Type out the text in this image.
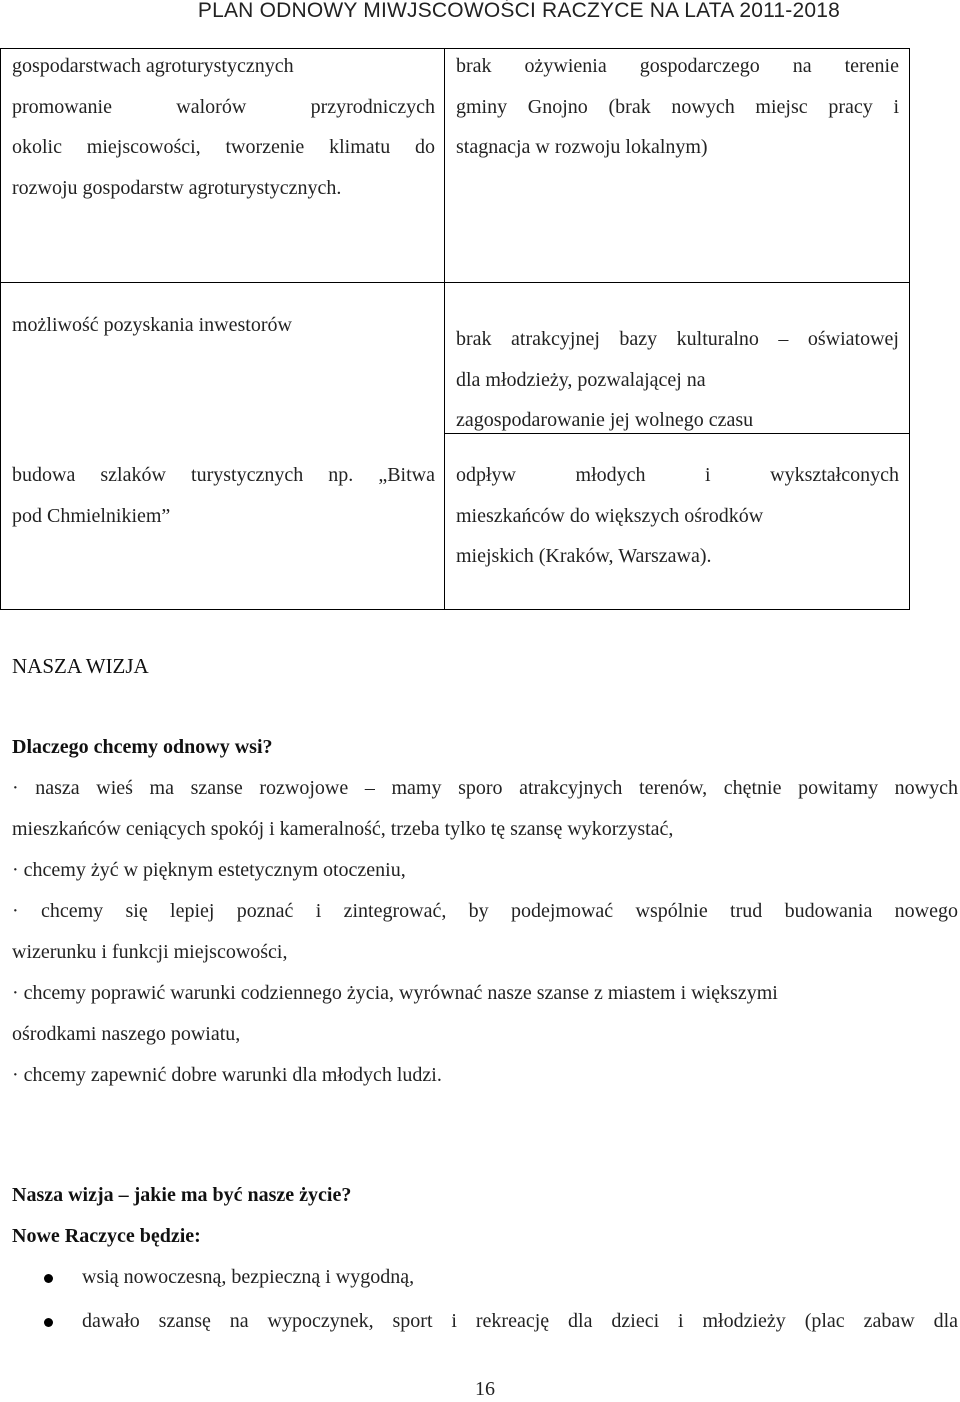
PLAN ODNOWY MIWJSCOWOŚCI RACZYCE NA LATA 2011-2018
gospodarstwach agroturystycznych
promowanie walorów przyrodniczych
okolic miejscowości, tworzenie klimatu do
rozwoju gospodarstw agroturystycznych.
brak ożywienia gospodarczego na terenie
gminy Gnojno (brak nowych miejsc pracy i
stagnacja w rozwoju lokalnym)
możliwość pozyskania inwestorów
budowa szlaków turystycznych np. „Bitwa
pod Chmielnikiem”
brak atrakcyjnej bazy kulturalno – oświatowej
dla młodzieży, pozwalającej na
zagospodarowanie jej wolnego czasu
odpływ młodych i wykształconych
mieszkańców do większych ośrodków
miejskich (Kraków, Warszawa).
NASZA WIZJA
Dlaczego chcemy odnowy wsi?
· nasza wieś ma szanse rozwojowe – mamy sporo atrakcyjnych terenów, chętnie powitamy nowych
mieszkańców ceniących spokój i kameralność, trzeba tylko tę szansę wykorzystać,
· chcemy żyć w pięknym estetycznym otoczeniu,
· chcemy się lepiej poznać i zintegrować, by podejmować wspólnie trud budowania nowego
wizerunku i funkcji miejscowości,
· chcemy poprawić warunki codziennego życia, wyrównać nasze szanse z miastem i większymi
ośrodkami naszego powiatu,
· chcemy zapewnić dobre warunki dla młodych ludzi.
Nasza wizja – jakie ma być nasze życie?
Nowe Raczyce będzie:
wsią nowoczesną, bezpieczną i wygodną,
dawało szansę na wypoczynek, sport i rekreację dla dzieci i młodzieży (plac zabaw dla
16
